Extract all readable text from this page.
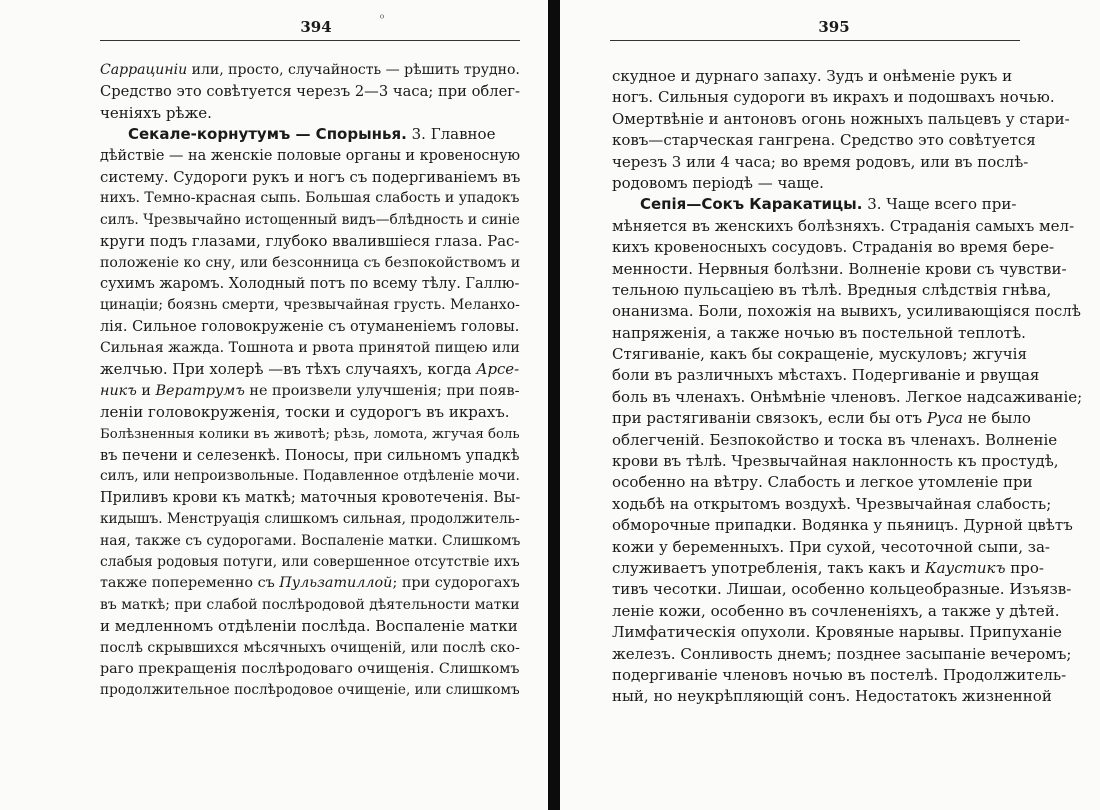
394	⁰
Саррацинiи или, просто, случайность — рѣшить трудно.
Средство это совѣтуется черезъ 2—3 часа; при облег-
ченiяхъ рѣже.
Секале-корнутумъ — Спорынья. 3. Главное
дѣйствiе — на женскiе половые органы и кровеносную
систему. Судороги рукъ и ногъ съ подергиванiемъ въ
нихъ. Темно-красная сыпь. Большая слабость и упадокъ
силъ. Чрезвычайно истощенный видъ—блѣдность и синiе
круги подъ глазами, глубоко ввалившiеся глаза. Рас-
положенiе ко сну, или безсонница съ безпокойствомъ и
сухимъ жаромъ. Холодный потъ по всему тѣлу. Галлю-
цинацiи; боязнь смерти, чрезвычайная грусть. Меланхо-
лiя. Сильное головокруженiе съ отуманенiемъ головы.
Сильная жажда. Тошнота и рвота принятой пищею или
желчью. При холерѣ —въ тѣхъ случаяхъ, когда Арсе-
никъ и Вератрумъ не произвели улучшенiя; при появ-
ленiи головокруженiя, тоски и судорогъ въ икрахъ.
Болѣзненныя колики въ животѣ; рѣзь, ломота, жгучая боль
въ печени и селезенкѣ. Поносы, при сильномъ упадкѣ
силъ, или непроизвольные. Подавленное отдѣленiе мочи.
Приливъ крови къ маткѣ; маточныя кровотеченiя. Вы-
кидышъ. Менструацiя слишкомъ сильная, продолжитель-
ная, также съ судорогами. Воспаленiе матки. Слишкомъ
слабыя родовыя потуги, или совершенное отсутствiе ихъ
также попеременно съ Пульзатиллой; при судорогахъ
въ маткѣ; при слабой послѣродовой дѣятельности матки
и медленномъ отдѣленiи послѣда. Воспаленiе матки
послѣ скрывшихся мѣсячныхъ очищенiй, или послѣ ско-
раго прекращенiя послѣродоваго очищенiя. Слишкомъ
продолжительное послѣродовое очищенiе, или слишкомъ
395
скудное и дурнаго запаху. Зудъ и онѣменiе рукъ и
ногъ. Сильныя судороги въ икрахъ и подошвахъ ночью.
Омертвѣнiе и антоновъ огонь ножныхъ пальцевъ у стари-
ковъ—старческая гангрена. Средство это совѣтуется
черезъ 3 или 4 часа; во время родовъ, или въ послѣ-
родовомъ перiодѣ — чаще.
Сепiя—Сокъ Каракатицы. 3. Чаще всего при-
мѣняется въ женскихъ болѣзняхъ. Страданiя самыхъ мел-
кихъ кровеносныхъ сосудовъ. Страданiя во время бере-
менности. Нервныя болѣзни. Волненiе крови съ чувстви-
тельною пульсацiею въ тѣлѣ. Вредныя слѣдствiя гнѣва,
онанизма. Боли, похожiя на вывихъ, усиливающiяся послѣ
напряженiя, а также ночью въ постельной теплотѣ.
Стягиванiе, какъ бы сокращенiе, мускуловъ; жгучiя
боли въ различныхъ мѣстахъ. Подергиванiе и рвущая
боль въ членахъ. Онѣмѣнiе членовъ. Легкое надсаживанiе;
при растягиванiи связокъ, если бы отъ Руса не было
облегченiй. Безпокойство и тоска въ членахъ. Волненiе
крови въ тѣлѣ. Чрезвычайная наклонность къ простудѣ,
особенно на вѣтру. Слабость и легкое утомленiе при
ходьбѣ на открытомъ воздухѣ. Чрезвычайная слабость;
обморочные припадки. Водянка у пьяницъ. Дурной цвѣтъ
кожи у беременныхъ. При сухой, чесоточной сыпи, за-
служиваетъ употребленiя, такъ какъ и Каустикъ про-
тивъ чесотки. Лишаи, особенно кольцеобразные. Изъязв-
ленiе кожи, особенно въ сочлененiяхъ, а также у дѣтей.
Лимфатическiя опухоли. Кровяные нарывы. Припуханiе
железъ. Сонливость днемъ; позднее засыпанiе вечеромъ;
подергиванiе членовъ ночью въ постелѣ. Продолжитель-
ный, но неукрѣпляющiй сонъ. Недостатокъ жизненной
